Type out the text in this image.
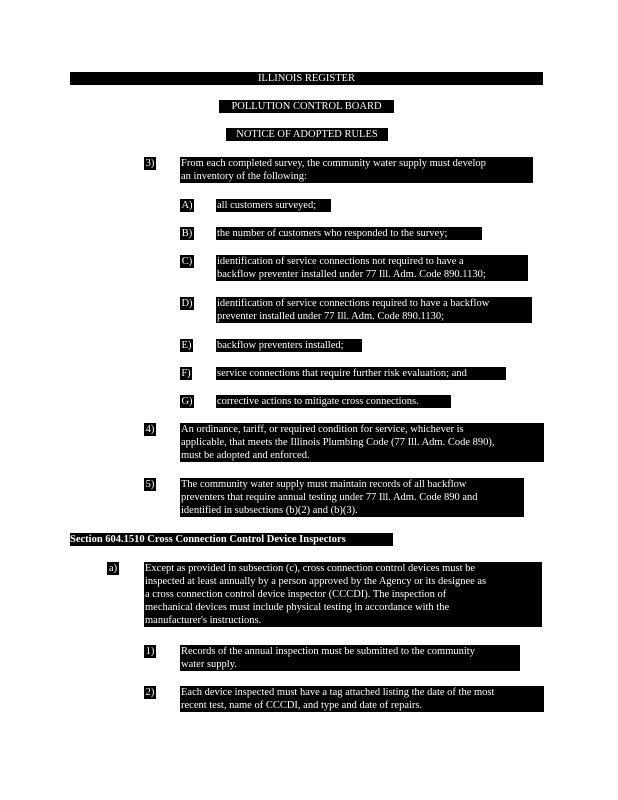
ILLINOIS REGISTER
POLLUTION CONTROL BOARD
NOTICE OF ADOPTED RULES
3)	From each completed survey, the community water supply must develop
an inventory of the following:
A) all customers surveyed;
B) the number of customers who responded to the survey;
C) identification of service connections not required to have a
backflow preventer installed under 77 Ill. Adm. Code 890.1130;
D) identification of service connections required to have a backflow
preventer installed under 77 Ill. Adm. Code 890.1130;
E) backflow preventers installed;
F)	service connections that require further risk evaluation; and
G) corrective actions to mitigate cross connections.
4)	An ordinance, tariff, or required condition for service, whichever is
applicable, that meets the Illinois Plumbing Code (77 Ill. Adm. Code 890),
must be adopted and enforced.
5)	The community water supply must maintain records of all backflow
preventers that require annual testing under 77 Ill. Adm. Code 890 and
identified in subsections (b)(2) and (b)(3).
Section 604.1510 Cross Connection Control Device Inspectors
a)	Except as provided in subsection (c), cross connection control devices must be
inspected at least annually by a person approved by the Agency or its designee as
a cross connection control device inspector (CCCDI). The inspection of
mechanical devices must include physical testing in accordance with the
manufacturer's instructions.
1)	Records of the annual inspection must be submitted to the community
water supply.
2)	Each device inspected must have a tag attached listing the date of the most
recent test, name of CCCDI, and type and date of repairs.
